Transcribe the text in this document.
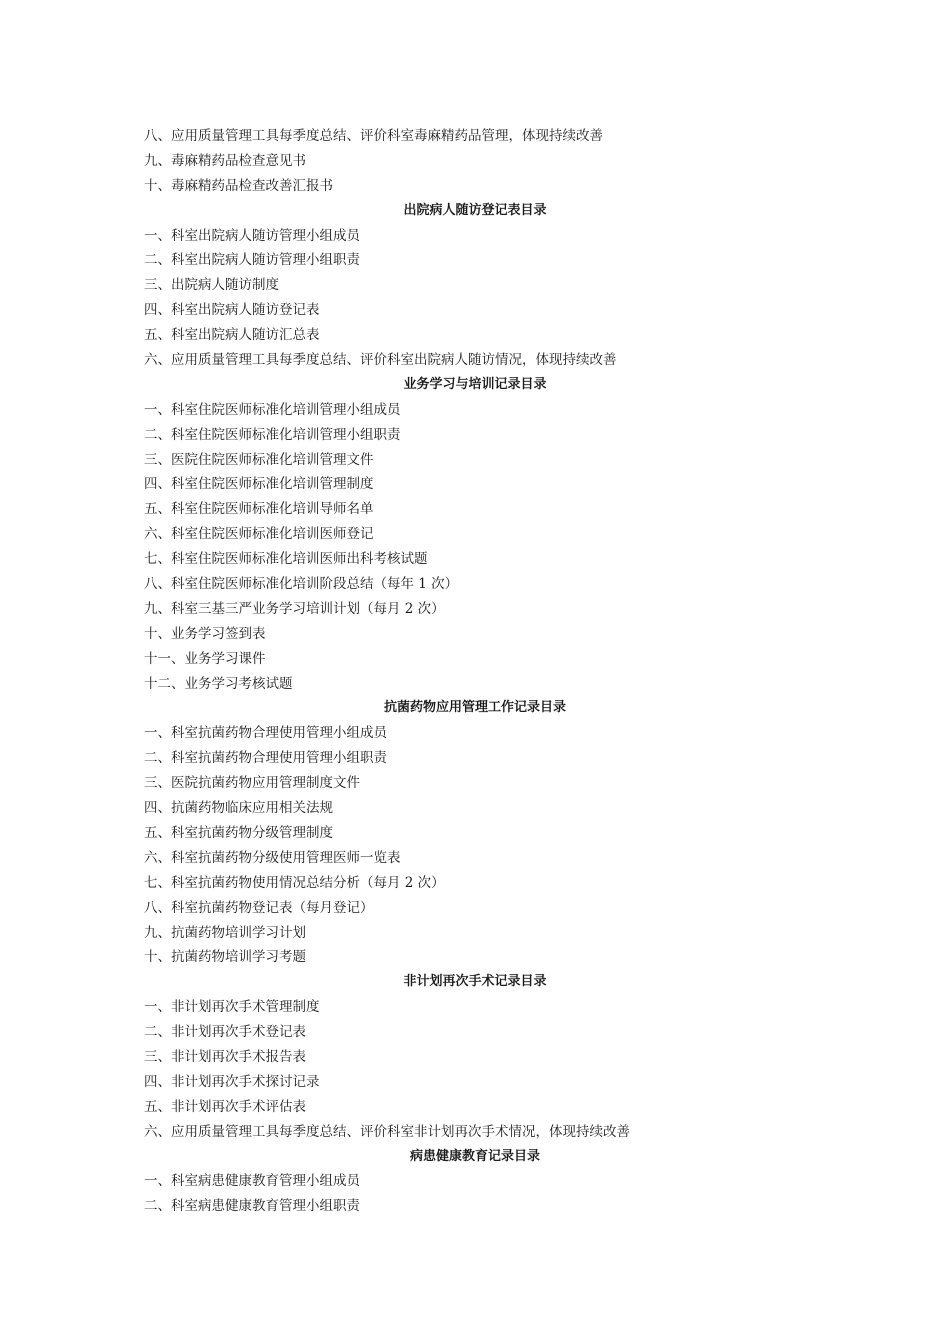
八、应用质量管理工具每季度总结、评价科室毒麻精药品管理，体现持续改善
九、毒麻精药品检查意见书
十、毒麻精药品检查改善汇报书
出院病人随访登记表目录
一、科室出院病人随访管理小组成员
二、科室出院病人随访管理小组职责
三、出院病人随访制度
四、科室出院病人随访登记表
五、科室出院病人随访汇总表
六、应用质量管理工具每季度总结、评价科室出院病人随访情况，体现持续改善
业务学习与培训记录目录
一、科室住院医师标准化培训管理小组成员
二、科室住院医师标准化培训管理小组职责
三、医院住院医师标准化培训管理文件
四、科室住院医师标准化培训管理制度
五、科室住院医师标准化培训导师名单
六、科室住院医师标准化培训医师登记
七、科室住院医师标准化培训医师出科考核试题
八、科室住院医师标准化培训阶段总结（每年 1 次）
九、科室三基三严业务学习培训计划（每月 2 次）
十、业务学习签到表
十一、业务学习课件
十二、业务学习考核试题
抗菌药物应用管理工作记录目录
一、科室抗菌药物合理使用管理小组成员
二、科室抗菌药物合理使用管理小组职责
三、医院抗菌药物应用管理制度文件
四、抗菌药物临床应用相关法规
五、科室抗菌药物分级管理制度
六、科室抗菌药物分级使用管理医师一览表
七、科室抗菌药物使用情况总结分析（每月 2 次）
八、科室抗菌药物登记表（每月登记）
九、抗菌药物培训学习计划
十、抗菌药物培训学习考题
非计划再次手术记录目录
一、非计划再次手术管理制度
二、非计划再次手术登记表
三、非计划再次手术报告表
四、非计划再次手术探讨记录
五、非计划再次手术评估表
六、应用质量管理工具每季度总结、评价科室非计划再次手术情况，体现持续改善
病患健康教育记录目录
一、科室病患健康教育管理小组成员
二、科室病患健康教育管理小组职责
